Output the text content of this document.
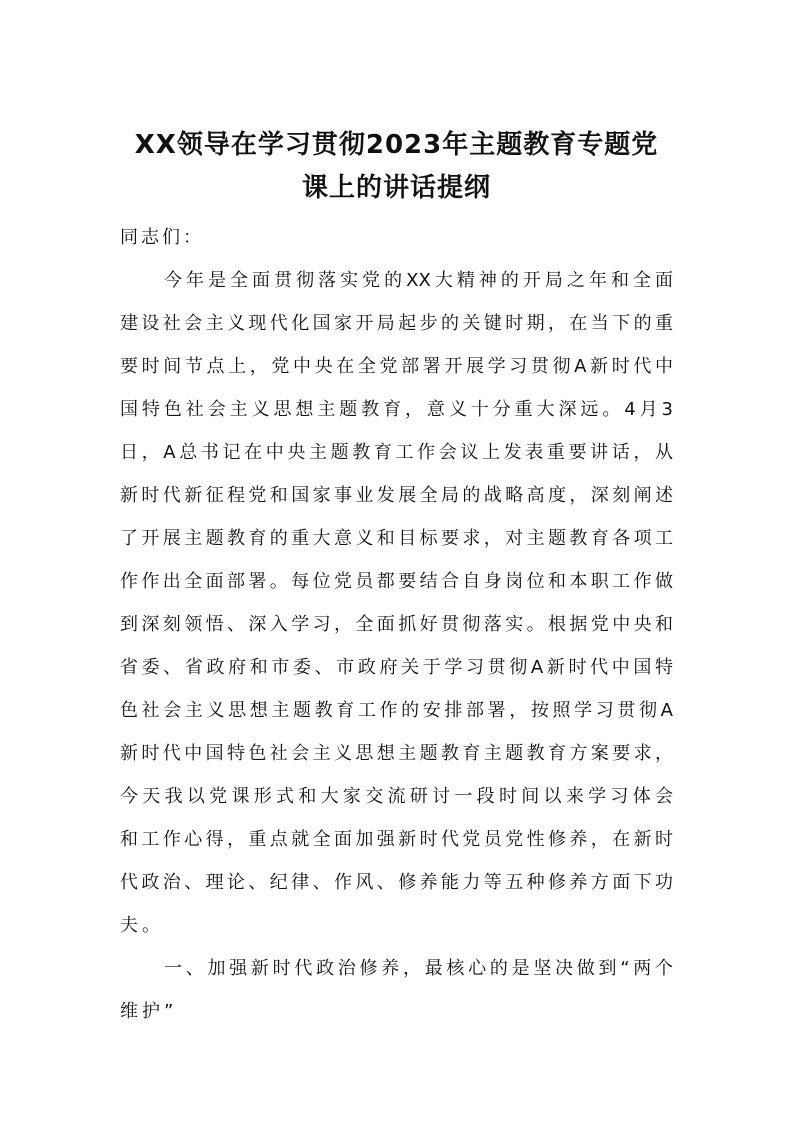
XX领导在学习贯彻2023年主题教育专题党
课上的讲话提纲
同志们：
今年是全面贯彻落实党的XX大精神的开局之年和全面
建设社会主义现代化国家开局起步的关键时期，在当下的重
要时间节点上，党中央在全党部署开展学习贯彻A新时代中
国特色社会主义思想主题教育，意义十分重大深远。4月3
日，A总书记在中央主题教育工作会议上发表重要讲话，从
新时代新征程党和国家事业发展全局的战略高度，深刻阐述
了开展主题教育的重大意义和目标要求，对主题教育各项工
作作出全面部署。每位党员都要结合自身岗位和本职工作做
到深刻领悟、深入学习，全面抓好贯彻落实。根据党中央和
省委、省政府和市委、市政府关于学习贯彻A新时代中国特
色社会主义思想主题教育工作的安排部署，按照学习贯彻A
新时代中国特色社会主义思想主题教育主题教育方案要求，
今天我以党课形式和大家交流研讨一段时间以来学习体会
和工作心得，重点就全面加强新时代党员党性修养，在新时
代政治、理论、纪律、作风、修养能力等五种修养方面下功
夫。
一、加强新时代政治修养，最核心的是坚决做到“两个
维护”
